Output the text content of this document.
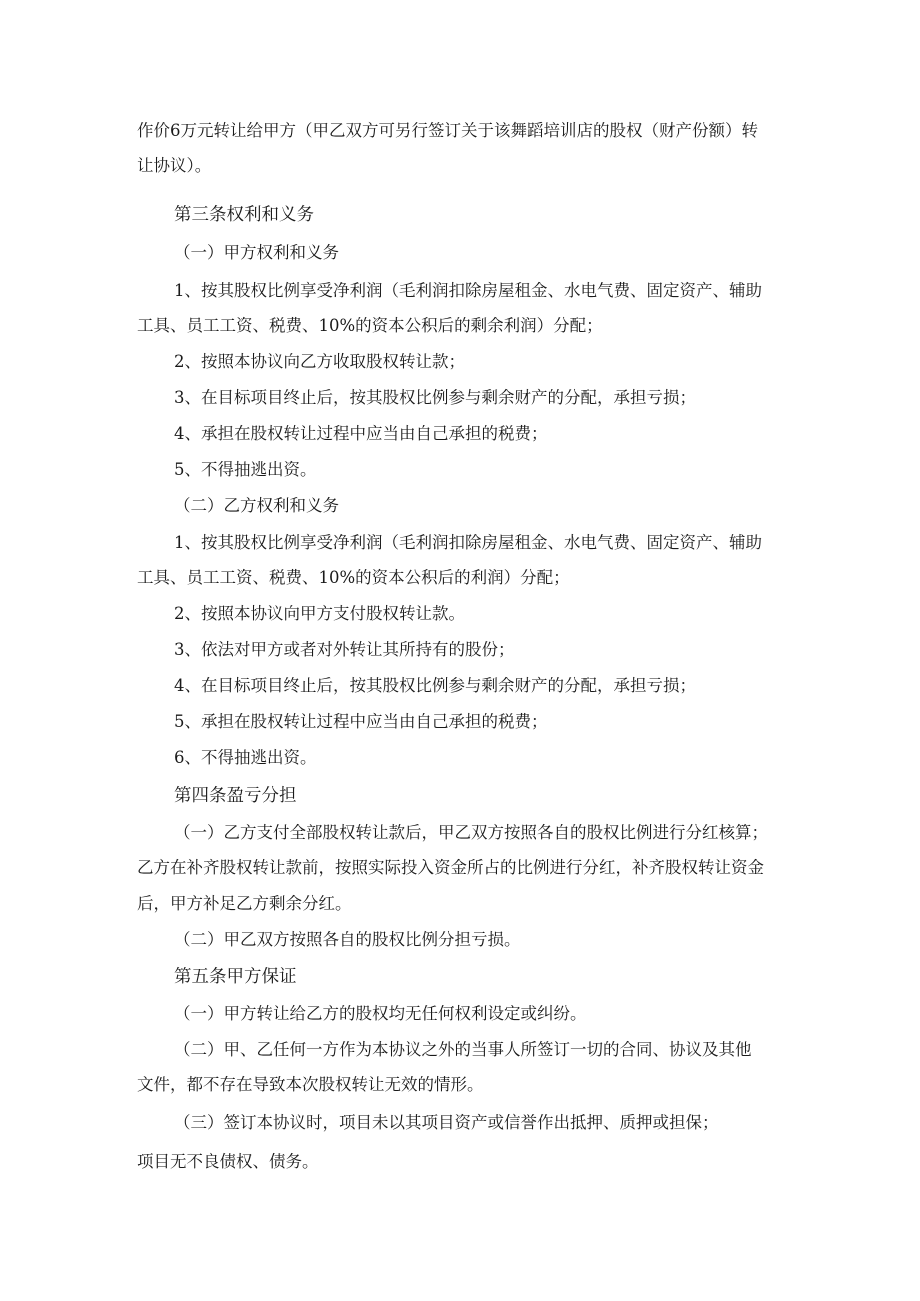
作价6万元转让给甲方（甲乙双方可另行签订关于该舞蹈培训店的股权（财产份额）转
让协议）。
第三条权利和义务
（一）甲方权利和义务
1、按其股权比例享受净利润（毛利润扣除房屋租金、水电气费、固定资产、辅助
工具、员工工资、税费、10%的资本公积后的剩余利润）分配；
2、按照本协议向乙方收取股权转让款；
3、在目标项目终止后，按其股权比例参与剩余财产的分配，承担亏损；
4、承担在股权转让过程中应当由自己承担的税费；
5、不得抽逃出资。
（二）乙方权利和义务
1、按其股权比例享受净利润（毛利润扣除房屋租金、水电气费、固定资产、辅助
工具、员工工资、税费、10%的资本公积后的利润）分配；
2、按照本协议向甲方支付股权转让款。
3、依法对甲方或者对外转让其所持有的股份；
4、在目标项目终止后，按其股权比例参与剩余财产的分配，承担亏损；
5、承担在股权转让过程中应当由自己承担的税费；
6、不得抽逃出资。
第四条盈亏分担
（一）乙方支付全部股权转让款后，甲乙双方按照各自的股权比例进行分红核算；
乙方在补齐股权转让款前，按照实际投入资金所占的比例进行分红，补齐股权转让资金
后，甲方补足乙方剩余分红。
（二）甲乙双方按照各自的股权比例分担亏损。
第五条甲方保证
（一）甲方转让给乙方的股权均无任何权利设定或纠纷。
（二）甲、乙任何一方作为本协议之外的当事人所签订一切的合同、协议及其他
文件，都不存在导致本次股权转让无效的情形。
（三）签订本协议时，项目未以其项目资产或信誉作出抵押、质押或担保；
项目无不良债权、债务。
